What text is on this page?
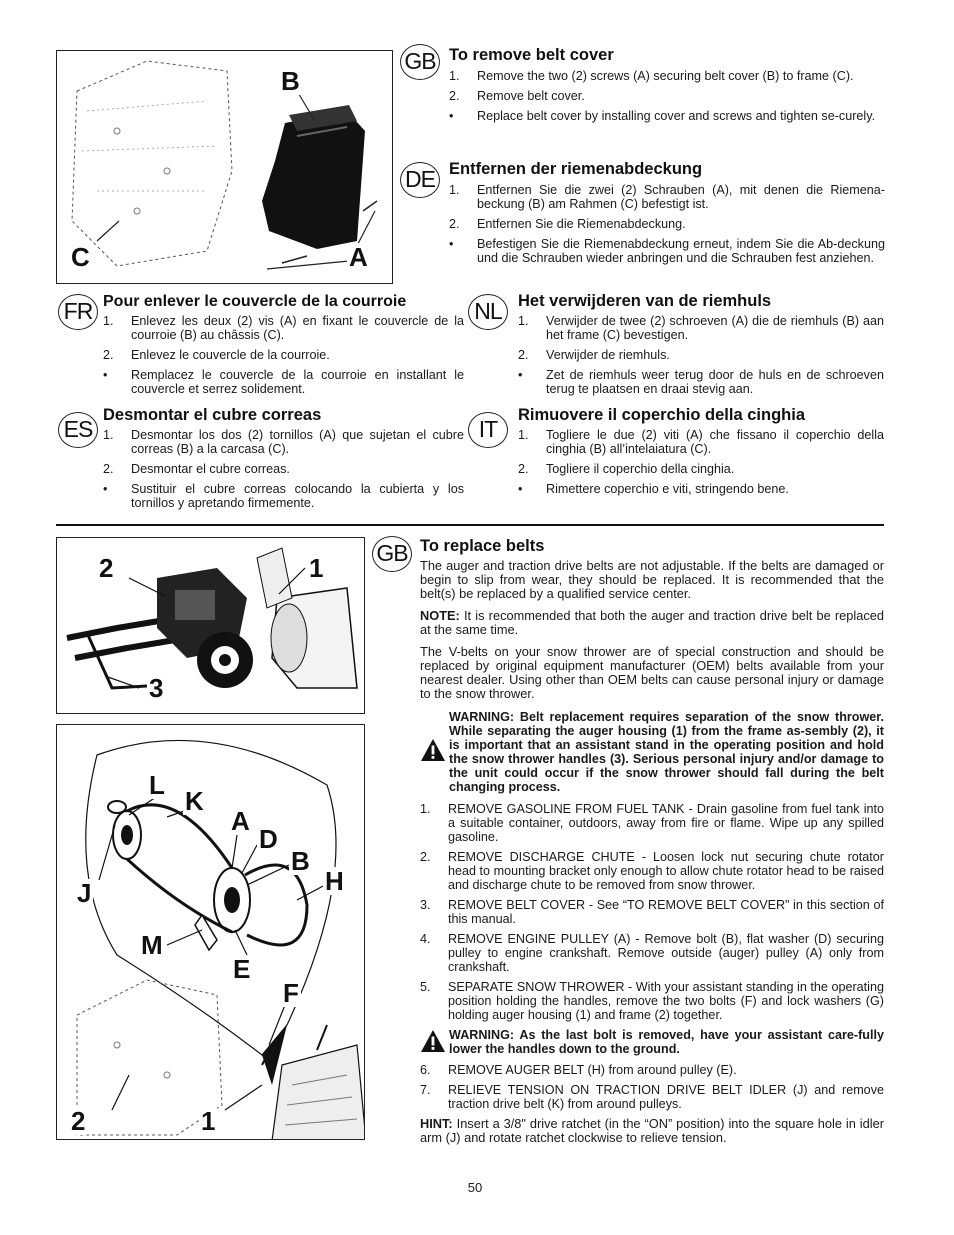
B
C	A
GB To remove belt cover
1.	Remove the two (2) screws (A) securing belt cover (B) to frame (C).
2.	Remove belt cover.
•	Replace belt cover by installing cover and screws and tighten se-curely.
DE Entfernen der riemenabdeckung
1.	Entfernen Sie die zwei (2) Schrauben (A), mit denen die Riemena-beckung (B) am Rahmen (C) befestigt ist.
2.	Entfernen Sie die Riemenabdeckung.
•	Befestigen Sie die Riemenabdeckung erneut, indem Sie die Ab-deckung und die Schrauben wieder anbringen und die Schrauben fest anziehen.
FR Pour enlever le couvercle de la courroie
1.	Enlevez les deux (2) vis (A) en fixant le couvercle de la courroie (B) au châssis (C).
2.	Enlevez le couvercle de la courroie.
•	Remplacez le couvercle de la courroie en installant le couvercle et serrez solidement.
NL Het verwijderen van de riemhuls
1.	Verwijder de twee (2) schroeven (A) die de riemhuls (B) aan het frame (C) bevestigen.
2.	Verwijder de riemhuls.
•	Zet de riemhuls weer terug door de huls en de schroeven terug te plaatsen en draai stevig aan.
ES
Desmontar el cubre correas
1.	Desmontar los dos (2) tornillos (A) que sujetan el cubre correas (B) a la carcasa (C).
2.	Desmontar el cubre correas.
•	Sustituir el cubre correas colocando la cubierta y los tornillos y apretando firmemente.
IT
Rimuovere il coperchio della cinghia
1.	Togliere le due (2) viti (A) che fissano il coperchio della cinghia (B) all’intelaiatura (C).
2.	Togliere il coperchio della cinghia.
•	Rimettere coperchio e viti, stringendo bene.
2	1
3
L
K
A
D
B
H
J
M
E
F
2	1
GB To replace belts
The auger and traction drive belts are not adjustable. If the belts are damaged or begin to slip from wear, they should be replaced. It is recommended that the belt(s) be replaced by a qualified service center.
NOTE: It is recommended that both the auger and traction drive belt be replaced at the same time.
The V-belts on your snow thrower are of special construction and should be replaced by original equipment manufacturer (OEM) belts available from your nearest dealer. Using other than OEM belts can cause personal injury or damage to the snow thrower.
WARNING: Belt replacement requires separation of the snow thrower. While separating the auger housing (1) from the frame as-sembly (2), it is important that an assistant stand in the operating position and hold the snow thrower handles (3). Serious personal injury and/or damage to the unit could occur if the snow thrower should fall during the belt changing process.
1.	REMOVE GASOLINE FROM FUEL TANK - Drain gasoline from fuel tank into a suitable container, outdoors, away from fire or flame. Wipe up any spilled gasoline.
2.	REMOVE DISCHARGE CHUTE - Loosen lock nut securing chute rotator head to mounting bracket only enough to allow chute rotator head to be raised and discharge chute to be removed from snow thrower.
3.	REMOVE BELT COVER - See “TO REMOVE BELT COVER” in this section of this manual.
4.	REMOVE ENGINE PULLEY (A) - Remove bolt (B), flat washer (D) securing pulley to engine crankshaft. Remove outside (auger) pulley (A) only from crankshaft.
5.	SEPARATE SNOW THROWER - With your assistant standing in the operating position holding the handles, remove the two bolts (F) and lock washers (G) holding auger housing (1) and frame (2) together.
WARNING: As the last bolt is removed, have your assistant care-fully lower the handles down to the ground.
6.	REMOVE AUGER BELT (H) from around pulley (E).
7.	RELIEVE TENSION ON TRACTION DRIVE BELT IDLER (J) and remove traction drive belt (K) from around pulleys.
HINT: Insert a 3/8" drive ratchet (in the “ON” position) into the square hole in idler arm (J) and rotate ratchet clockwise to relieve tension.
50
